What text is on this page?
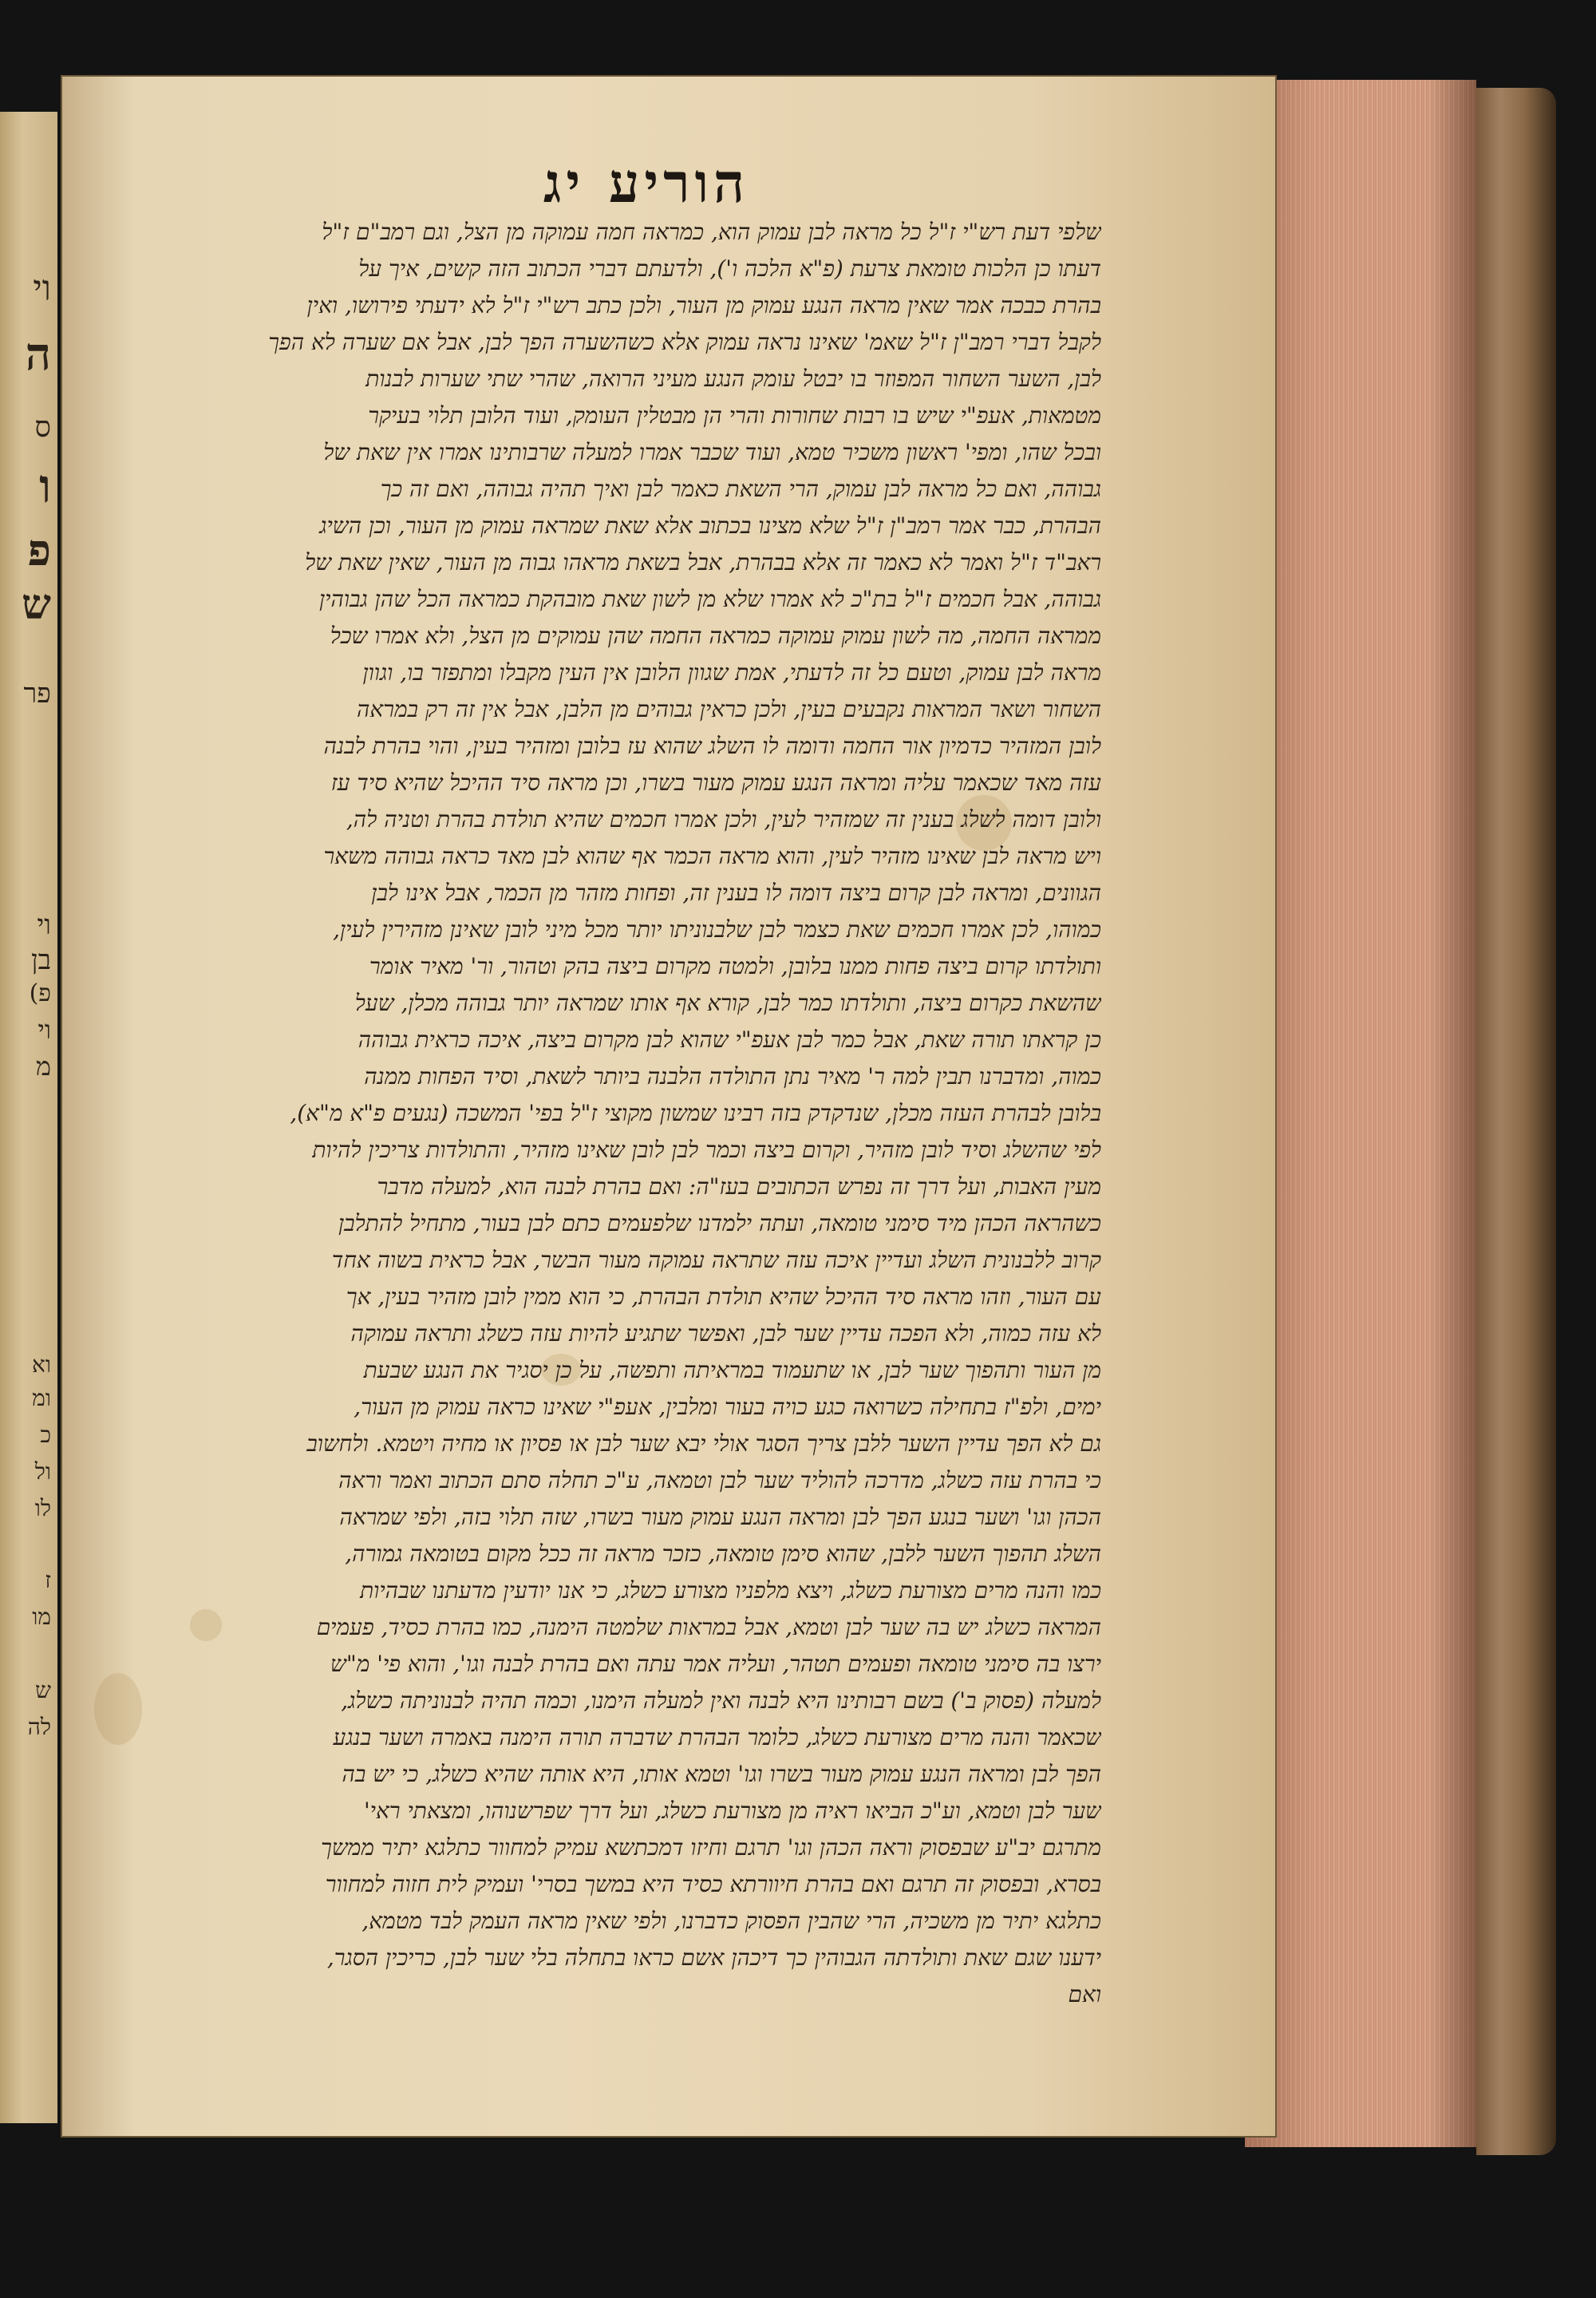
וי
ה
ס
ו
פ
ש
פר
וי
בן
(פ
וי
מ
וא
ומ
כ
ול
לו
ז
מו
ש
לה
הוריע יג
שלפי דעת רש"י ז"ל כל מראה לבן עמוק הוא, כמראה חמה עמוקה מן הצל, וגם רמב"ם ז"ל
דעתו כן הלכות טומאת צרעת (פ"א הלכה ו'), ולדעתם דברי הכתוב הזה קשים, איך על
בהרת כבכה אמר שאין מראה הנגע עמוק מן העור, ולכן כתב רש"י ז"ל לא ידעתי פירושו, ואין
לקבל דברי רמב"ן ז"ל שאמ' שאינו נראה עמוק אלא כשהשערה הפך לבן, אבל אם שערה לא הפך
לבן, השער השחור המפוזר בו יבטל עומק הנגע מעיני הרואה, שהרי שתי שערות לבנות
מטמאות, אעפ"י שיש בו רבות שחורות והרי הן מבטלין העומק, ועוד הלובן תלוי בעיקר
ובכל שהו, ומפי' ראשון משכיר טמא, ועוד שכבר אמרו למעלה שרבותינו אמרו אין שאת של
גבוהה, ואם כל מראה לבן עמוק, הרי השאת כאמר לבן ואיך תהיה גבוהה, ואם זה כך
הבהרת, כבר אמר רמב"ן ז"ל שלא מצינו בכתוב אלא שאת שמראה עמוק מן העור, וכן השיג
ראב"ד ז"ל ואמר לא כאמר זה אלא בבהרת, אבל בשאת מראהו גבוה מן העור, שאין שאת של
גבוהה, אבל חכמים ז"ל בת"כ לא אמרו שלא מן לשון שאת מובהקת כמראה הכל שהן גבוהין
ממראה החמה, מה לשון עמוק עמוקה כמראה החמה שהן עמוקים מן הצל, ולא אמרו שכל
מראה לבן עמוק, וטעם כל זה לדעתי, אמת שגוון הלובן אין העין מקבלו ומתפזר בו, וגוון
השחור ושאר המראות נקבעים בעין, ולכן כראין גבוהים מן הלבן, אבל אין זה רק במראה
לובן המזהיר כדמיון אור החמה ודומה לו השלג שהוא עז בלובן ומזהיר בעין, והוי בהרת לבנה
עזה מאד שכאמר עליה ומראה הנגע עמוק מעור בשרו, וכן מראה סיד ההיכל שהיא סיד עז
ולובן דומה לשלג בענין זה שמזהיר לעין, ולכן אמרו חכמים שהיא תולדת בהרת וטניה לה,
ויש מראה לבן שאינו מזהיר לעין, והוא מראה הכמר אף שהוא לבן מאד כראה גבוהה משאר
הגוונים, ומראה לבן קרום ביצה דומה לו בענין זה, ופחות מזהר מן הכמר, אבל אינו לבן
כמוהו, לכן אמרו חכמים שאת כצמר לבן שלבנוניתו יותר מכל מיני לובן שאינן מזהירין לעין,
ותולדתו קרום ביצה פחות ממנו בלובן, ולמטה מקרום ביצה בהק וטהור, ור' מאיר אומר
שהשאת כקרום ביצה, ותולדתו כמר לבן, קורא אף אותו שמראה יותר גבוהה מכלן, שעל
כן קראתו תורה שאת, אבל כמר לבן אעפ"י שהוא לבן מקרום ביצה, איכה כראית גבוהה
כמוה, ומדברנו תבין למה ר' מאיר נתן התולדה הלבנה ביותר לשאת, וסיד הפחות ממנה
בלובן לבהרת העזה מכלן, שנדקדק בזה רבינו שמשון מקוצי ז"ל בפי' המשכה (נגעים פ"א מ"א),
לפי שהשלג וסיד לובן מזהיר, וקרום ביצה וכמר לבן לובן שאינו מזהיר, והתולדות צריכין להיות
מעין האבות, ועל דרך זה נפרש הכתובים בעז"ה: ואם בהרת לבנה הוא, למעלה מדבר
כשהראה הכהן מיד סימני טומאה, ועתה ילמדנו שלפעמים כתם לבן בעור, מתחיל להתלבן
קרוב ללבנונית השלג ועדיין איכה עזה שתראה עמוקה מעור הבשר, אבל כראית בשוה אחד
עם העור, וזהו מראה סיד ההיכל שהיא תולדת הבהרת, כי הוא ממין לובן מזהיר בעין, אך
לא עזה כמוה, ולא הפכה עדיין שער לבן, ואפשר שתגיע להיות עזה כשלג ותראה עמוקה
מן העור ותהפוך שער לבן, או שתעמוד במראיתה ותפשה, על כן יסגיר את הנגע שבעת
ימים, ולפ"ז בתחילה כשרואה כגע כויה בעור ומלבין, אעפ"י שאינו כראה עמוק מן העור,
גם לא הפך עדיין השער ללבן צריך הסגר אולי יבא שער לבן או פסיון או מחיה ויטמא. ולחשוב
כי בהרת עזה כשלג, מדרכה להוליד שער לבן וטמאה, ע"כ תחלה סתם הכתוב ואמר וראה
הכהן וגו' ושער בנגע הפך לבן ומראה הנגע עמוק מעור בשרו, שזה תלוי בזה, ולפי שמראה
השלג תהפוך השער ללבן, שהוא סימן טומאה, כזכר מראה זה ככל מקום בטומאה גמורה,
כמו והנה מרים מצורעת כשלג, ויצא מלפניו מצורע כשלג, כי אנו יודעין מדעתנו שבהיות
המראה כשלג יש בה שער לבן וטמא, אבל במראות שלמטה הימנה, כמו בהרת כסיד, פעמים
ירצו בה סימני טומאה ופעמים תטהר, ועליה אמר עתה ואם בהרת לבנה וגו', והוא פי' מ"ש
למעלה (פסוק ב') בשם רבותינו היא לבנה ואין למעלה הימנו, וכמה תהיה לבנוניתה כשלג,
שכאמר והנה מרים מצורעת כשלג, כלומר הבהרת שדברה תורה הימנה באמרה ושער בנגע
הפך לבן ומראה הנגע עמוק מעור בשרו וגו' וטמא אותו, היא אותה שהיא כשלג, כי יש בה
שער לבן וטמא, וע"כ הביאו ראיה מן מצורעת כשלג, ועל דרך שפרשנוהו, ומצאתי ראי'
מתרגם יב"ע שבפסוק וראה הכהן וגו' תרגם וחיזו דמכתשא עמיק למחוור כתלגא יתיר ממשך
בסרא, ובפסוק זה תרגם ואם בהרת חיוורתא כסיד היא במשך בסרי' ועמיק לית חזוה למחוור
כתלגא יתיר מן משכיה, הרי שהבין הפסוק כדברנו, ולפי שאין מראה העמק לבד מטמא,
ידענו שגם שאת ותולדתה הגבוהין כך דיכהן אשם כראו בתחלה בלי שער לבן, כריכין הסגר,
ואם
